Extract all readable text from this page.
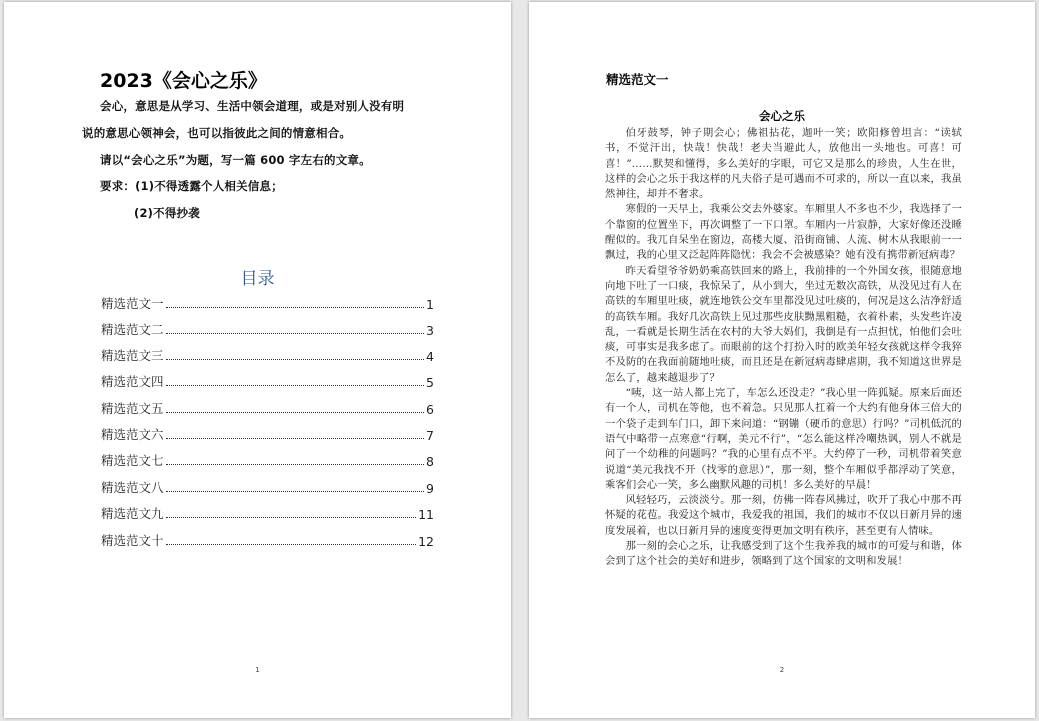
2023《会心之乐》
会心，意思是从学习、生活中领会道理，或是对别人没有明
说的意思心领神会，也可以指彼此之间的情意相合。
请以“会心之乐”为题，写一篇 600 字左右的文章。
要求：(1)不得透露个人相关信息；
(2)不得抄袭
目录
精选范文一	1
精选范文二	3
精选范文三	4
精选范文四	5
精选范文五	6
精选范文六	7
精选范文七	8
精选范文八	9
精选范文九	11
精选范文十	12
1
精选范文一
会心之乐

伯牙鼓琴，钟子期会心；佛祖拈花，迦叶一笑；欧阳修曾坦言：“读轼书，不觉汗出，快哉！快哉！老夫当避此人，放他出一头地也。可喜！可喜！”……默契和懂得，多么美好的字眼，可它又是那么的珍贵，人生在世，这样的会心之乐于我这样的凡夫俗子是可遇而不可求的，所以一直以来，我虽然神往，却并不奢求。

寒假的一天早上，我乘公交去外婆家。车厢里人不多也不少，我选择了一个靠窗的位置坐下，再次调整了一下口罩。车厢内一片寂静，大家好像还没睡醒似的。我兀自呆坐在窗边，高楼大厦、沿街商铺、人流、树木从我眼前一一飘过，我的心里又泛起阵阵隐忧：我会不会被感染？她有没有携带新冠病毒？

昨天看望爷爷奶奶乘高铁回来的路上，我前排的一个外国女孩，很随意地向地下吐了一口痰，我惊呆了，从小到大，坐过无数次高铁，从没见过有人在高铁的车厢里吐痰，就连地铁公交车里都没见过吐痰的，何况是这么洁净舒适的高铁车厢。我好几次高铁上见过那些皮肤黝黑粗糙，衣着朴素，头发些许凌乱，一看就是长期生活在农村的大爷大妈们，我倒是有一点担忧，怕他们会吐痰，可事实是我多虑了。而眼前的这个打扮入时的欧美年轻女孩就这样令我猝不及防的在我面前随地吐痰，而且还是在新冠病毒肆虐期，我不知道这世界是怎么了，越来越退步了？

“咦，这一站人都上完了，车怎么还没走？”我心里一阵狐疑。原来后面还有一个人，司机在等他，也不着急。只见那人扛着一个大约有他身体三倍大的一个袋子走到车门口，卸下来问道：“钢镚（硬币的意思）行吗？”司机低沉的语气中略带一点寒意“行啊，美元不行”，“怎么能这样冷嘲热讽，别人不就是问了一个幼稚的问题吗？”我的心里有点不平。大约停了一秒，司机带着笑意说道“美元我找不开（找零的意思）”，那一刻，整个车厢似乎都浮动了笑意，乘客们会心一笑，多么幽默风趣的司机！多么美好的早晨！

风轻轻巧，云淡淡兮。那一刻，仿佛一阵春风拂过，吹开了我心中那不再怀疑的花苞。我爱这个城市，我爱我的祖国，我们的城市不仅以日新月异的速度发展着，也以日新月异的速度变得更加文明有秩序，甚至更有人情味。

那一刻的会心之乐，让我感受到了这个生我养我的城市的可爱与和谐，体会到了这个社会的美好和进步，领略到了这个国家的文明和发展！

2
